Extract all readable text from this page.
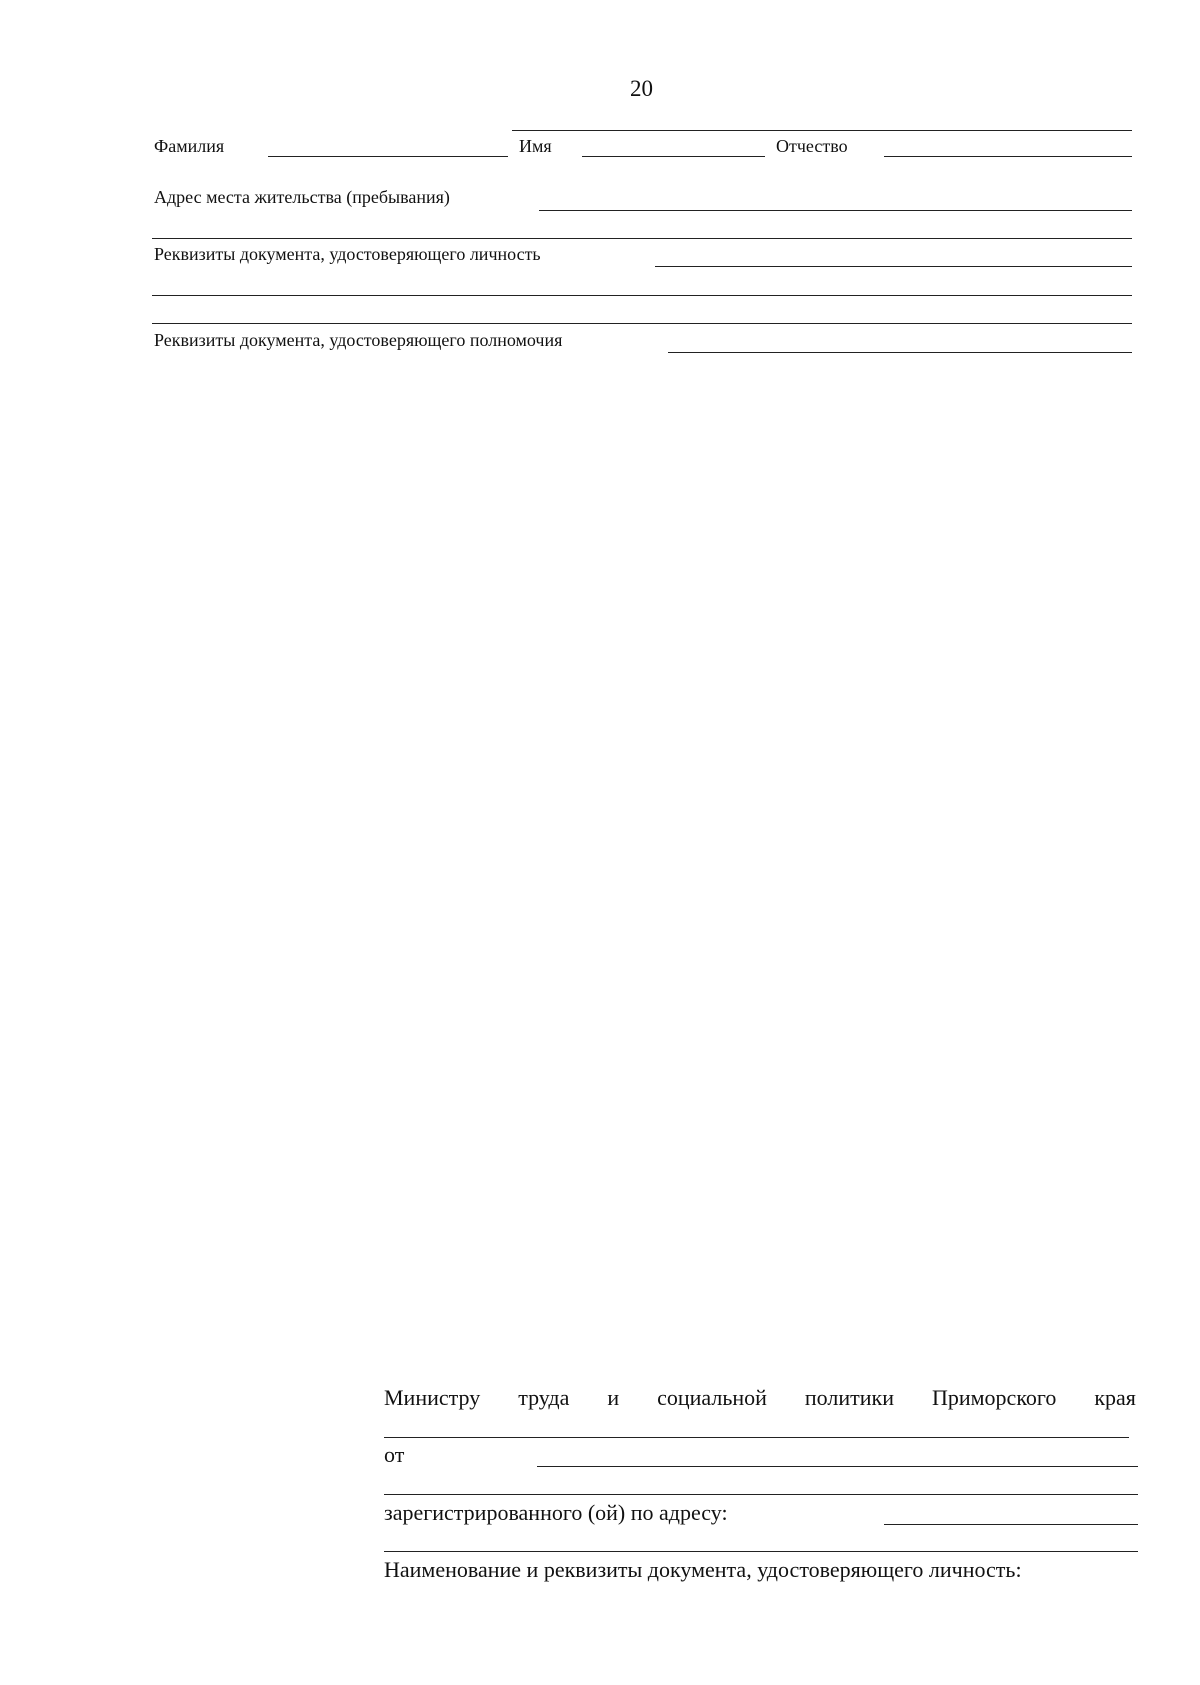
20
Фамилия	Имя	Отчество
Адрес места жительства (пребывания)
Реквизиты документа, удостоверяющего личность
Реквизиты документа, удостоверяющего полномочия
Министру труда и социальной политики Приморского края
от
зарегистрированного (ой) по адресу:
Наименование и реквизиты документа, удостоверяющего личность:
